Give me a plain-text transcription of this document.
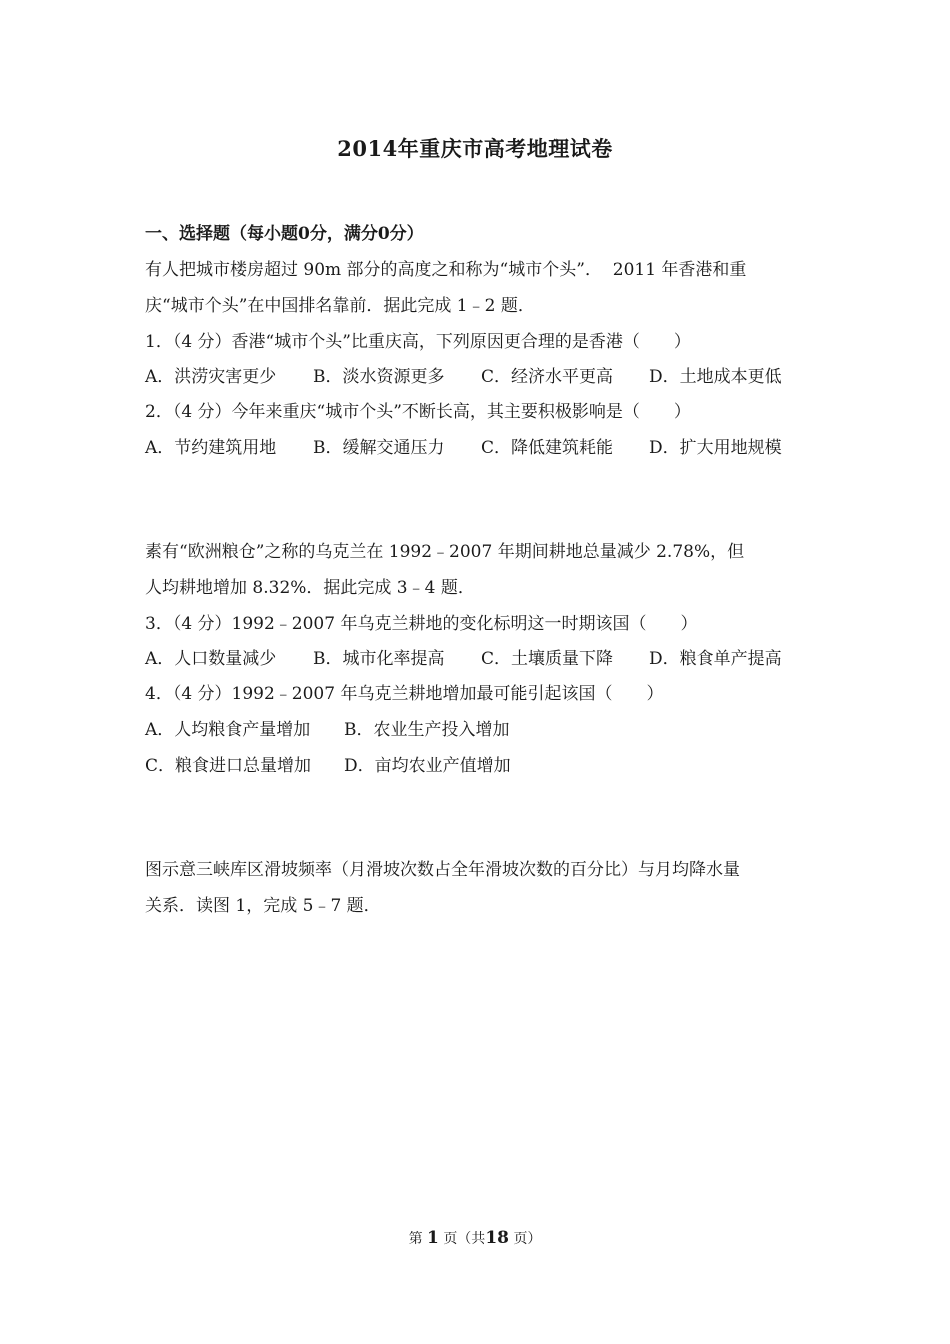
2014年重庆市高考地理试卷
一、选择题（每小题0分，满分0分）
有人把城市楼房超过 90m 部分的高度之和称为“城市个头”．  2011 年香港和重
庆“城市个头”在中国排名靠前．据此完成 1﹣2 题．
1．（4 分）香港“城市个头”比重庆高，下列原因更合理的是香港（　　）
A．洪涝灾害更少 B．淡水资源更多 C．经济水平更高 D．土地成本更低
2．（4 分）今年来重庆“城市个头”不断长高，其主要积极影响是（　　）
A．节约建筑用地 B．缓解交通压力 C．降低建筑耗能 D．扩大用地规模
素有“欧洲粮仓”之称的乌克兰在 1992﹣2007 年期间耕地总量减少 2.78%，但
人均耕地增加 8.32%．据此完成 3﹣4 题．
3．（4 分）1992﹣2007 年乌克兰耕地的变化标明这一时期该国（　　）
A．人口数量减少 B．城市化率提高 C．土壤质量下降 D．粮食单产提高
4．（4 分）1992﹣2007 年乌克兰耕地增加最可能引起该国（　　）
A．人均粮食产量增加 B．农业生产投入增加
C．粮食进口总量增加 D．亩均农业产值增加
图示意三峡库区滑坡频率（月滑坡次数占全年滑坡次数的百分比）与月均降水量
关系．读图 1，完成 5﹣7 题．
第 1 页（共18 页）
